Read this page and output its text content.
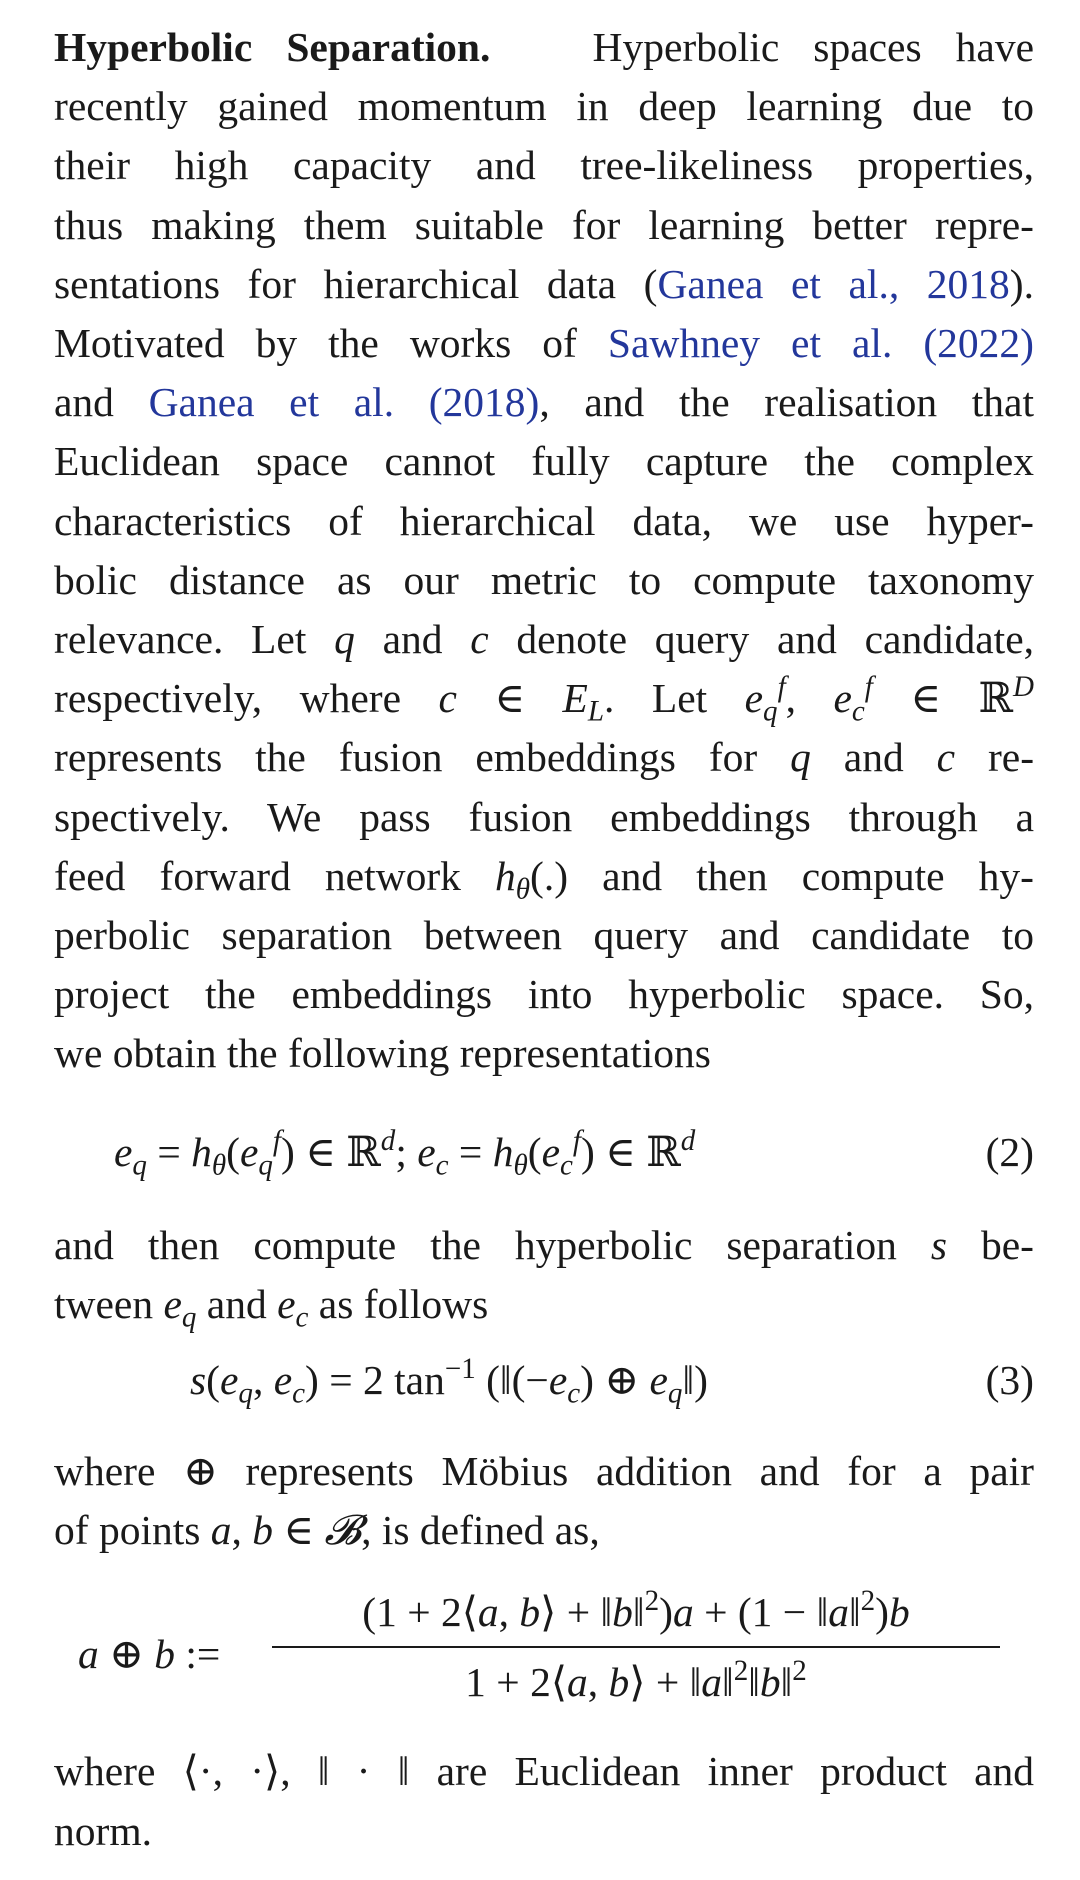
Hyperbolic Separation. Hyperbolic spaces have
recently gained momentum in deep learning due to
their high capacity and tree-likeliness properties,
thus making them suitable for learning better repre-
sentations for hierarchical data (Ganea et al., 2018).
Motivated by the works of Sawhney et al. (2022)
and Ganea et al. (2018), and the realisation that
Euclidean space cannot fully capture the complex
characteristics of hierarchical data, we use hyper-
bolic distance as our metric to compute taxonomy
relevance. Let q and c denote query and candidate,
respectively, where c ∈ $E_L$. Let $e_q^f$, $e_c^f$ ∈ ℝ$^D$
represents the fusion embeddings for q and c re-
spectively. We pass fusion embeddings through a
feed forward network $h_\theta(.)$ and then compute hy-
perbolic separation between query and candidate to
project the embeddings into hyperbolic space. So,
we obtain the following representations
$e_q = h_\theta(e_q^f)$ ∈ ℝ$^d$; $e_c = h_\theta(e_c^f)$ ∈ ℝ$^d$	(2)
and then compute the hyperbolic separation s be-
tween $e_q$ and $e_c$ as follows
$s(e_q$, $e_c) = 2$ $\tan^{-1}$ ($‖(-e_c)$ ⊕ $e_q‖$)	(3)
where ⊕ represents Möbius addition and for a pair
of points a, b ∈ 𝓑, is defined as,
a ⊕ b :=
(1 + 2⟨a, b⟩ + ‖b‖$^2$)a + (1 − ‖a‖$^2$)b
1 + 2⟨a, b⟩ + ‖a‖$^2$‖b‖$^2$
where ⟨·, ·⟩, ‖ · ‖ are Euclidean inner product and
norm.
